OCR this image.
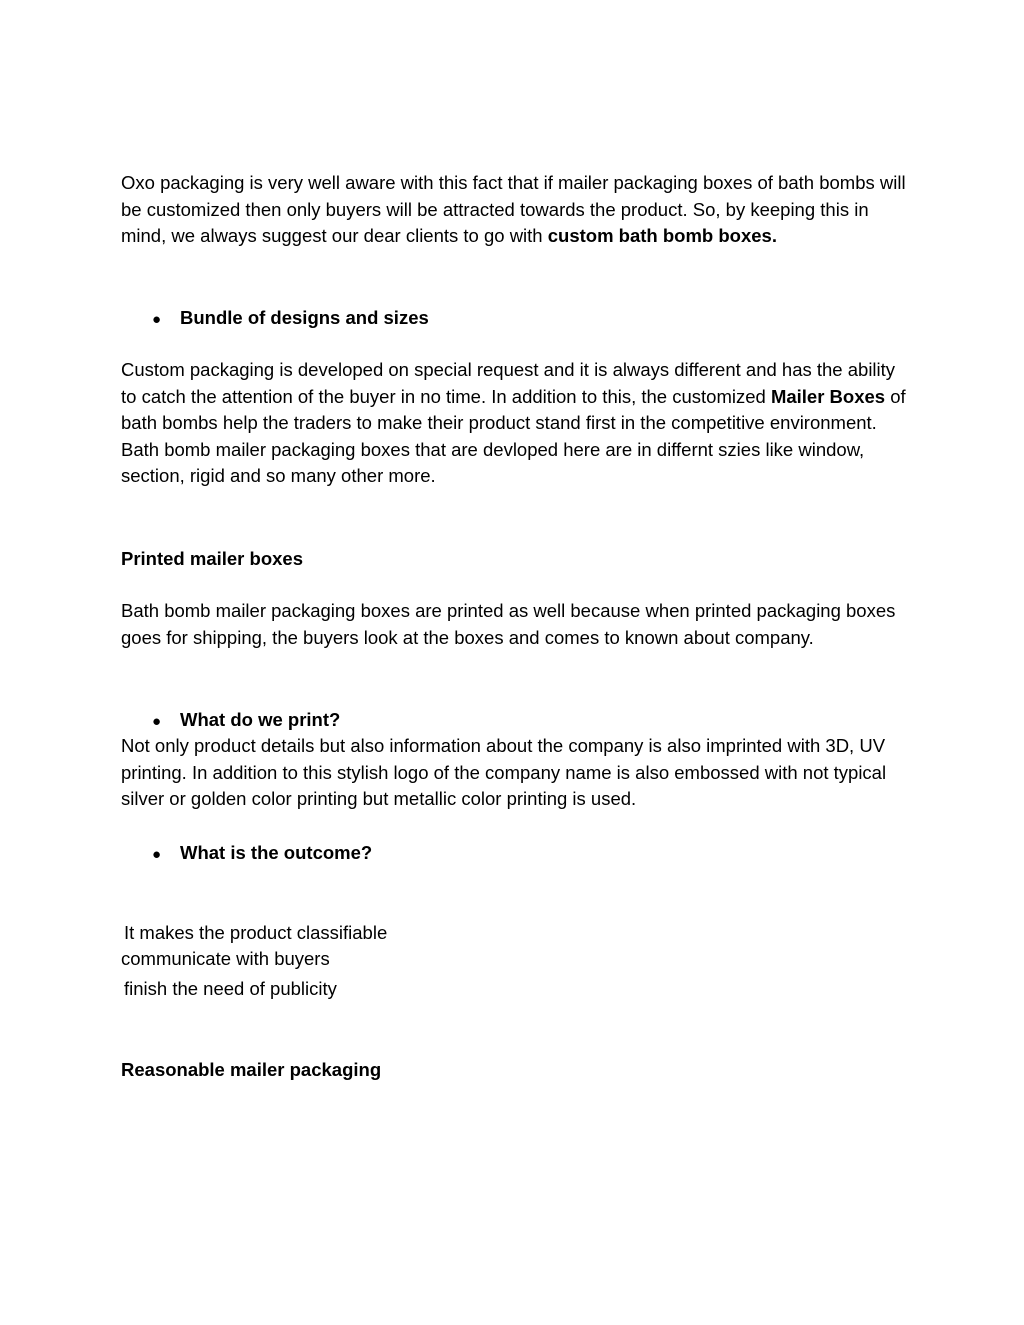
Oxo packaging is very well aware with this fact that if mailer packaging boxes of bath bombs will be customized then only buyers will be attracted towards the product. So, by keeping this in mind, we always suggest our dear clients to go with custom bath bomb boxes.

● Bundle of designs and sizes

Custom packaging is developed on special request and it is always different and has the ability to catch the attention of the buyer in no time. In addition to this, the customized Mailer Boxes of bath bombs help the traders to make their product stand first in the competitive environment. Bath bomb mailer packaging boxes that are devloped here are in differnt szies like window, section, rigid and so many other more.

Printed mailer boxes

Bath bomb mailer packaging boxes are printed as well because when printed packaging boxes goes for shipping, the buyers look at the boxes and comes to known about company.

● What do we print?

Not only product details but also information about the company is also imprinted with 3D, UV printing. In addition to this stylish logo of the company name is also embossed with not typical silver or golden color printing but metallic color printing is used.

● What is the outcome?
It makes the product classifiable
communicate with buyers
finish the need of publicity
Reasonable mailer packaging
